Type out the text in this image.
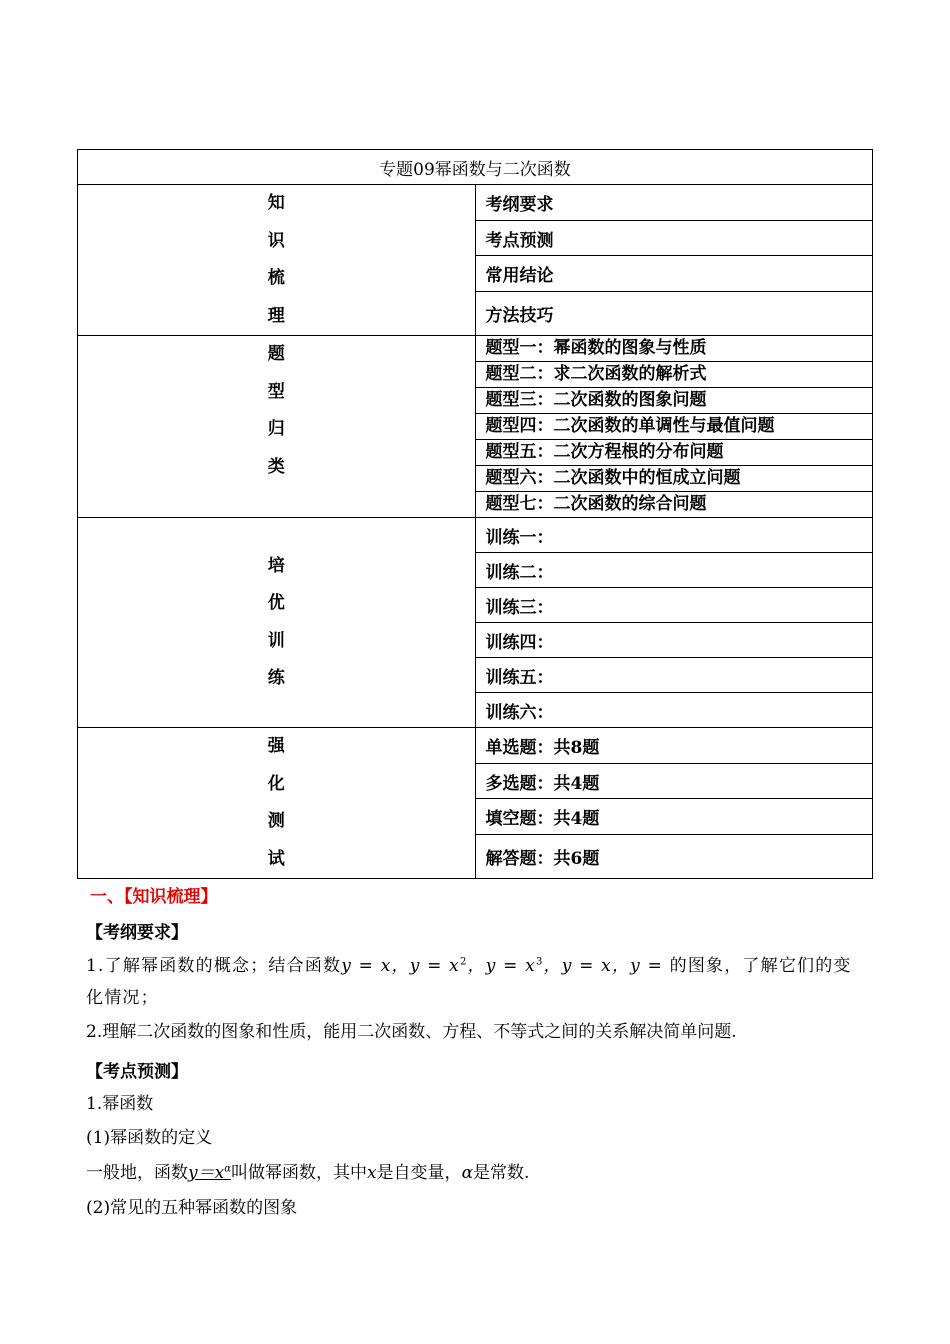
专题09幂函数与二次函数	

知
识
梳
理	考纲要求
	考点预测
	常用结论
	方法技巧

题
型
归
类	题型一：幂函数的图象与性质
	题型二：求二次函数的解析式
	题型三：二次函数的图象问题
	题型四：二次函数的单调性与最值问题
	题型五：二次方程根的分布问题
	题型六：二次函数中的恒成立问题
	题型七：二次函数的综合问题

培
优
训
练	训练一：
	训练二：
	训练三：
	训练四：
	训练五：
	训练六：

强
化
测
试	单选题：共8题
	多选题：共4题
	填空题：共4题
	解答题：共6题
一、【知识梳理】
【考纲要求】
1.了解幂函数的概念；结合函数y = x，$y = x^2$，$y = x^3$，y = x，y = 的图象，了解它们的变化情况；
2.理解二次函数的图象和性质，能用二次函数、方程、不等式之间的关系解决简单问题.
【考点预测】
1.幂函数
(1)幂函数的定义
一般地，函数$y=x^\alpha$叫做幂函数，其中x是自变量，α是常数.
(2)常见的五种幂函数的图象
